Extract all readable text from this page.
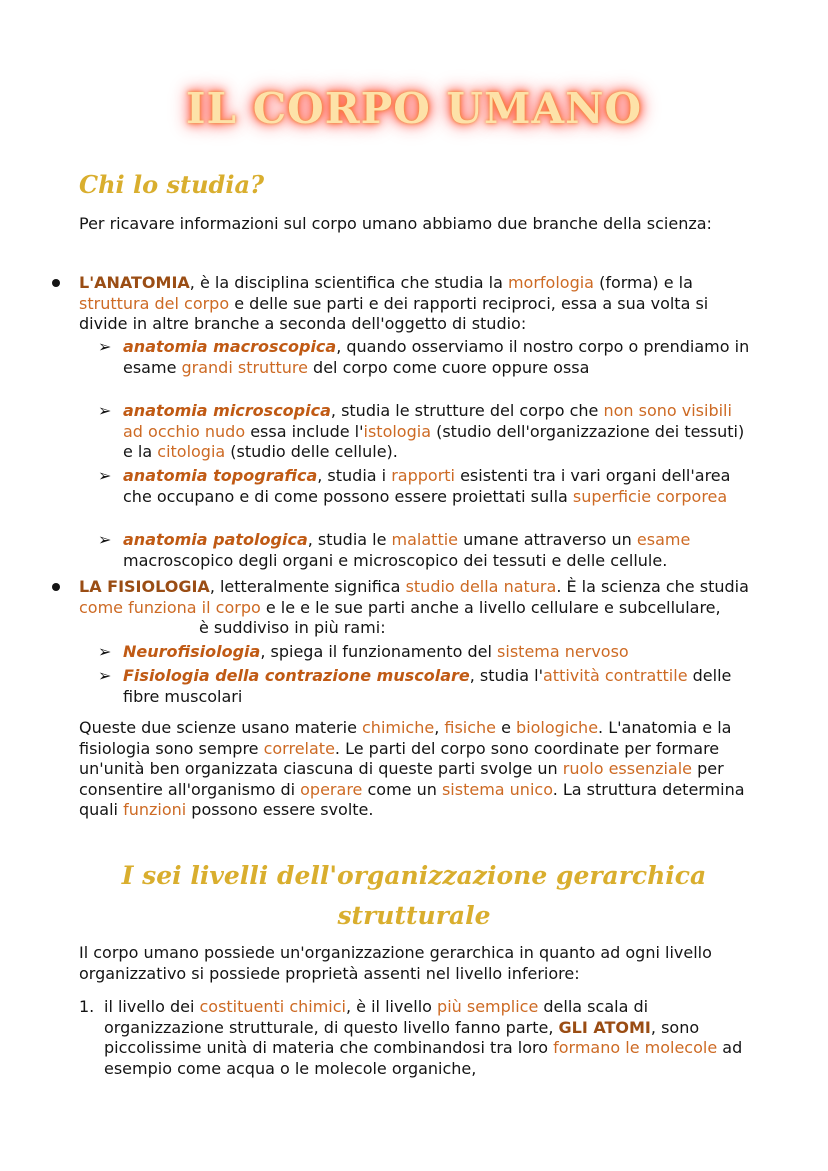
IL CORPO UMANO
Chi lo studia?
Per ricavare informazioni sul corpo umano abbiamo due branche della scienza:
L'ANATOMIA, è la disciplina scientifica che studia la morfologia (forma) e la struttura del corpo e delle sue parti e dei rapporti reciproci, essa a sua volta si divide in altre branche a seconda dell'oggetto di studio:
➢ anatomia macroscopica, quando osserviamo il nostro corpo o prendiamo in esame grandi strutture del corpo come cuore oppure ossa
➢ anatomia microscopica, studia le strutture del corpo che non sono visibili ad occhio nudo essa include l'istologia (studio dell'organizzazione dei tessuti) e la citologia (studio delle cellule).
➢ anatomia topografica, studia i rapporti esistenti tra i vari organi dell'area che occupano e di come possono essere proiettati sulla superficie corporea
➢ anatomia patologica, studia le malattie umane attraverso un esame macroscopico degli organi e microscopico dei tessuti e delle cellule.
LA FISIOLOGIA, letteralmente significa studio della natura. È la scienza che studia come funziona il corpo e le e le sue parti anche a livello cellulare e subcellulare,è suddiviso in più rami:
➢ Neurofisiologia, spiega il funzionamento del sistema nervoso
➢ Fisiologia della contrazione muscolare, studia l'attività contrattile delle fibre muscolari
Queste due scienze usano materie chimiche, fisiche e biologiche. L'anatomia e la fisiologia sono sempre correlate. Le parti del corpo sono coordinate per formare un'unità ben organizzata ciascuna di queste parti svolge un ruolo essenziale per consentire all'organismo di operare come un sistema unico. La struttura determina quali funzioni possono essere svolte.
I sei livelli dell'organizzazione gerarchica
strutturale
Il corpo umano possiede un'organizzazione gerarchica in quanto ad ogni livello organizzativo si possiede proprietà assenti nel livello inferiore:
1. il livello dei costituenti chimici, è il livello più semplice della scala di organizzazione strutturale, di questo livello fanno parte, GLI ATOMI, sono piccolissime unità di materia che combinandosi tra loro formano le molecole ad esempio come acqua o le molecole organiche,
